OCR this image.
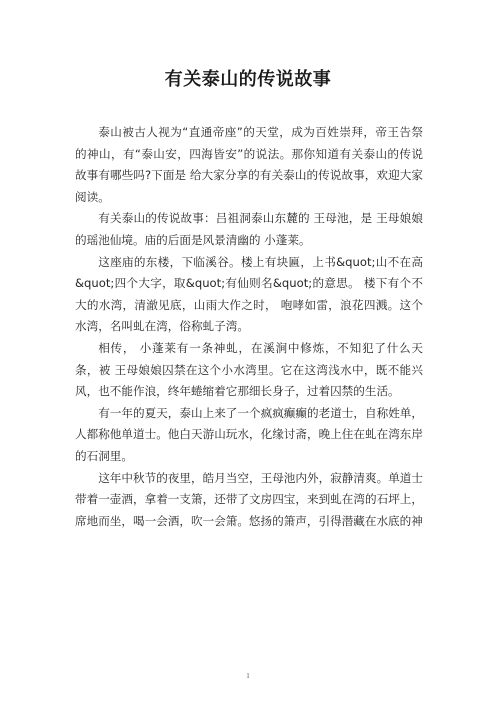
有关泰山的传说故事

泰山被古人视为“直通帝座”的天堂，成为百姓崇拜，帝王告祭的神山，有“泰山安，四海皆安”的说法。那你知道有关泰山的传说故事有哪些吗?下面是 给大家分享的有关泰山的传说故事，欢迎大家阅读。

有关泰山的传说故事：吕祖洞泰山东麓的 王母池，是 王母娘娘的瑶池仙境。庙的后面是风景清幽的 小蓬莱。

这座庙的东楼，下临溪谷。楼上有块匾，上书&quot;山不在高&quot;四个大字，取&quot;有仙则名&quot;的意思。 楼下有个不大的水湾，清澈见底，山雨大作之时， 咆哮如雷，浪花四溅。这个水湾，名叫虬在湾，俗称虬子湾。

相传， 小蓬莱有一条神虬，在溪涧中修炼，不知犯了什么天条，被 王母娘娘囚禁在这个小水湾里。它在这湾浅水中，既不能兴风，也不能作浪，终年蜷缩着它那细长身子，过着囚禁的生活。

有一年的夏天，泰山上来了一个疯疯癫癫的老道士，自称姓单，人都称他单道士。他白天游山玩水，化缘讨斋，晚上住在虬在湾东岸的石洞里。

这年中秋节的夜里，皓月当空，王母池内外，寂静清爽。单道士带着一壶酒，拿着一支箫，还带了文房四宝，来到虬在湾的石坪上，席地而坐，喝一会酒，吹一会箫。悠扬的箫声，引得潜藏在水底的神

1
